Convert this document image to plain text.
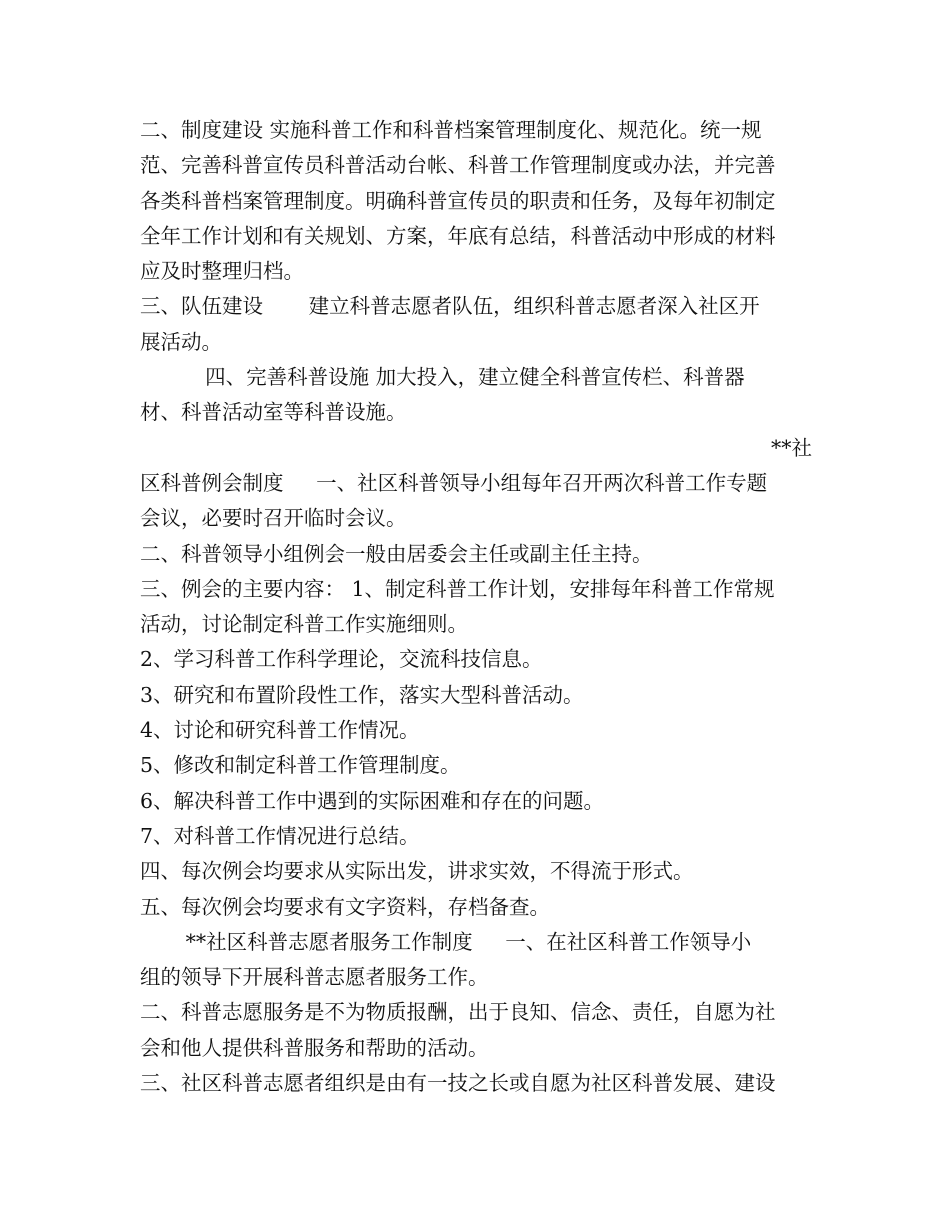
二、制度建设 实施科普工作和科普档案管理制度化、规范化。统一规
范、完善科普宣传员科普活动台帐、科普工作管理制度或办法，并完善
各类科普档案管理制度。明确科普宣传员的职责和任务，及每年初制定
全年工作计划和有关规划、方案，年底有总结，科普活动中形成的材料
应及时整理归档。
三、队伍建设       建立科普志愿者队伍，组织科普志愿者深入社区开
展活动。
四、完善科普设施 加大投入，建立健全科普宣传栏、科普器
材、科普活动室等科普设施。
**社
区科普例会制度     一、社区科普领导小组每年召开两次科普工作专题
会议，必要时召开临时会议。
二、科普领导小组例会一般由居委会主任或副主任主持。
三、例会的主要内容： 1、制定科普工作计划，安排每年科普工作常规
活动，讨论制定科普工作实施细则。
2、学习科普工作科学理论，交流科技信息。
3、研究和布置阶段性工作，落实大型科普活动。
4、讨论和研究科普工作情况。
5、修改和制定科普工作管理制度。
6、解决科普工作中遇到的实际困难和存在的问题。
7、对科普工作情况进行总结。
四、每次例会均要求从实际出发，讲求实效，不得流于形式。
五、每次例会均要求有文字资料，存档备查。
**社区科普志愿者服务工作制度     一、在社区科普工作领导小
组的领导下开展科普志愿者服务工作。
二、科普志愿服务是不为物质报酬，出于良知、信念、责任，自愿为社
会和他人提供科普服务和帮助的活动。
三、社区科普志愿者组织是由有一技之长或自愿为社区科普发展、建设
